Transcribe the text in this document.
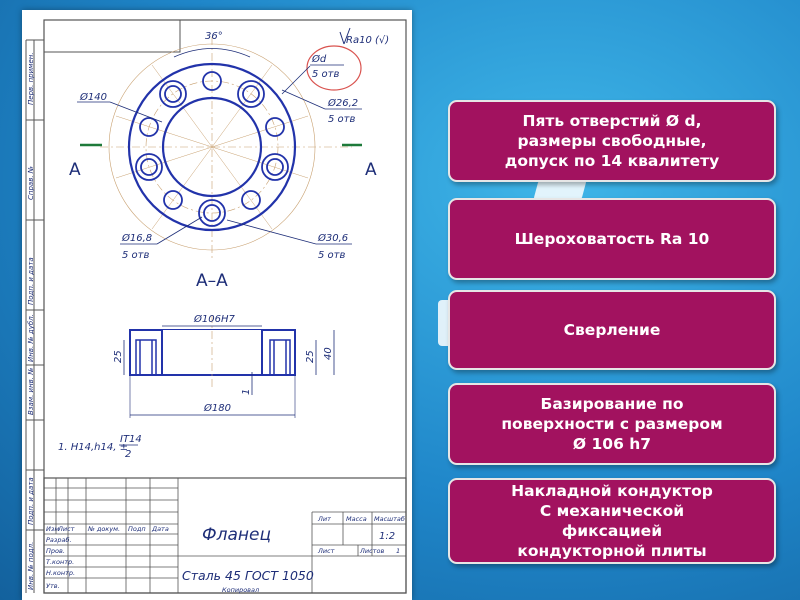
Перв. примен.
Справ. №
Подп. и дата
Инв. № дубл.
Взам. инв. №
Подп. и дата
Инв. № подл.
Ra10 (√)
36°
Ød
5 отв
Ø140
Ø26,2
5 отв
Ø16,8
5 отв
Ø30,6
5 отв
A	A
A–A
Ø106H7
Ø180
25	25 40
1
1. H14,h14, ±
IT14
2
Изм
Лист № докум. Подп Дата
Разраб.
Пров.
Т.контр.
Н.контр.
Утв.
Фланец
Сталь 45 ГОСТ 1050
Лит Масса Масштаб
1:2
Лист	Листов 1
Копировал
Пять отверстий Ø d,
размеры свободные,
допуск по 14 квалитету
Шероховатость Ra 10
Сверление
Базирование по
поверхности с размером
Ø 106 h7
Накладной кондуктор
С механической
фиксацией
кондукторной плиты
